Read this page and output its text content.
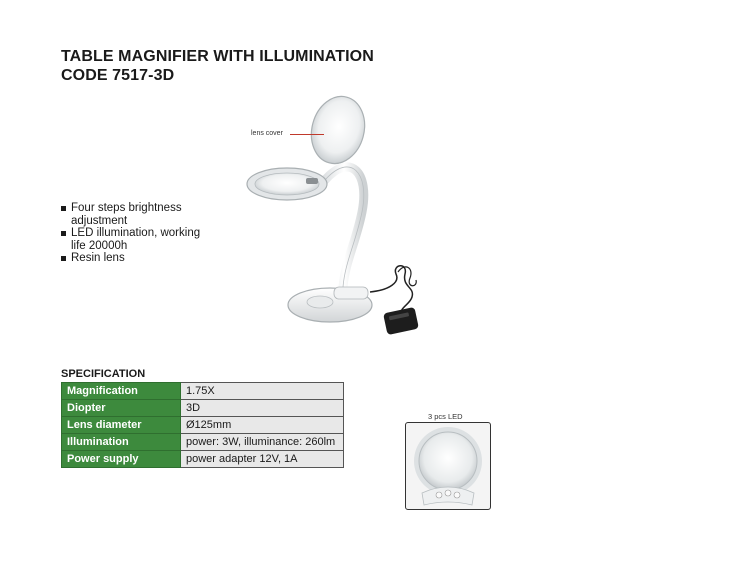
TABLE MAGNIFIER WITH ILLUMINATION
CODE 7517-3D
Four steps brightness adjustment
LED illumination, working life 20000h
Resin lens
lens cover
SPECIFICATION
Magnification	1.75X
Diopter	3D
Lens diameter	Ø125mm
Illumination	power: 3W, illuminance: 260lm
Power supply	power adapter 12V, 1A
3 pcs LED
